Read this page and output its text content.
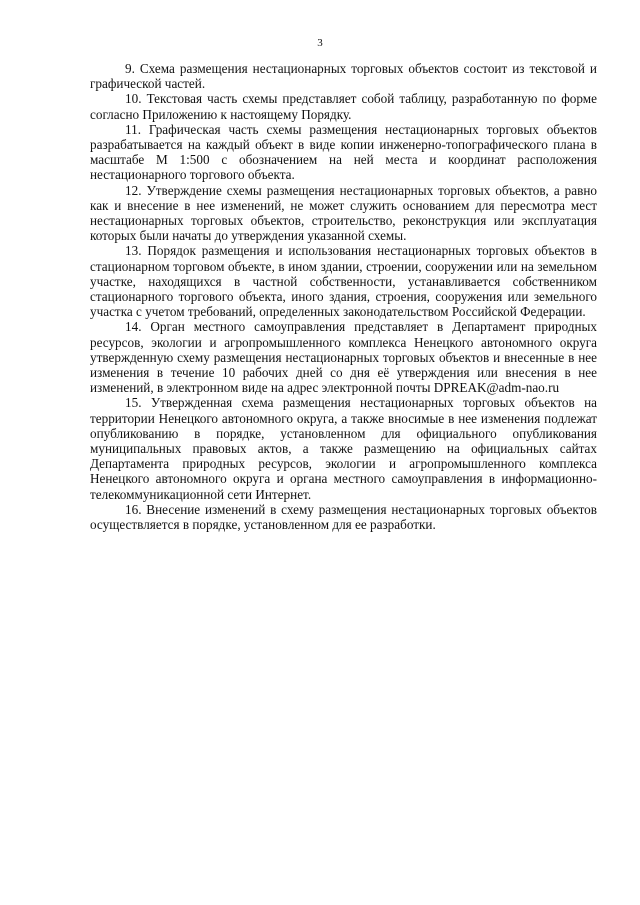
3

9. Схема размещения нестационарных торговых объектов состоит из текстовой и графической частей.

10. Текстовая часть схемы представляет собой таблицу, разработанную по форме согласно Приложению к настоящему Порядку.

11. Графическая часть схемы размещения нестационарных торговых объектов разрабатывается на каждый объект в виде копии инженерно-топографического плана в масштабе М 1:500 с обозначением на ней места и координат расположения нестационарного торгового объекта.

12. Утверждение схемы размещения нестационарных торговых объектов, а равно как и внесение в нее изменений, не может служить основанием для пересмотра мест нестационарных торговых объектов, строительство, реконструкция или эксплуатация которых были начаты до утверждения указанной схемы.

13. Порядок размещения и использования нестационарных торговых объектов в стационарном торговом объекте, в ином здании, строении, сооружении или на земельном участке, находящихся в частной собственности, устанавливается собственником стационарного торгового объекта, иного здания, строения, сооружения или земельного участка с учетом требований, определенных законодательством Российской Федерации.

14. Орган местного самоуправления представляет в Департамент природных ресурсов, экологии и агропромышленного комплекса Ненецкого автономного округа утвержденную схему размещения нестационарных торговых объектов и внесенные в нее изменения в течение 10 рабочих дней со дня её утверждения или внесения в нее изменений, в электронном виде на адрес электронной почты DPREAK@adm-nao.ru

15. Утвержденная схема размещения нестационарных торговых объектов на территории Ненецкого автономного округа, а также вносимые в нее изменения подлежат опубликованию в порядке, установленном для официального опубликования муниципальных правовых актов, а также размещению на официальных сайтах Департамента природных ресурсов, экологии и агропромышленного комплекса Ненецкого автономного округа и органа местного самоуправления в информационно-телекоммуникационной сети Интернет.

16. Внесение изменений в схему размещения нестационарных торговых объектов осуществляется в порядке, установленном для ее разработки.
